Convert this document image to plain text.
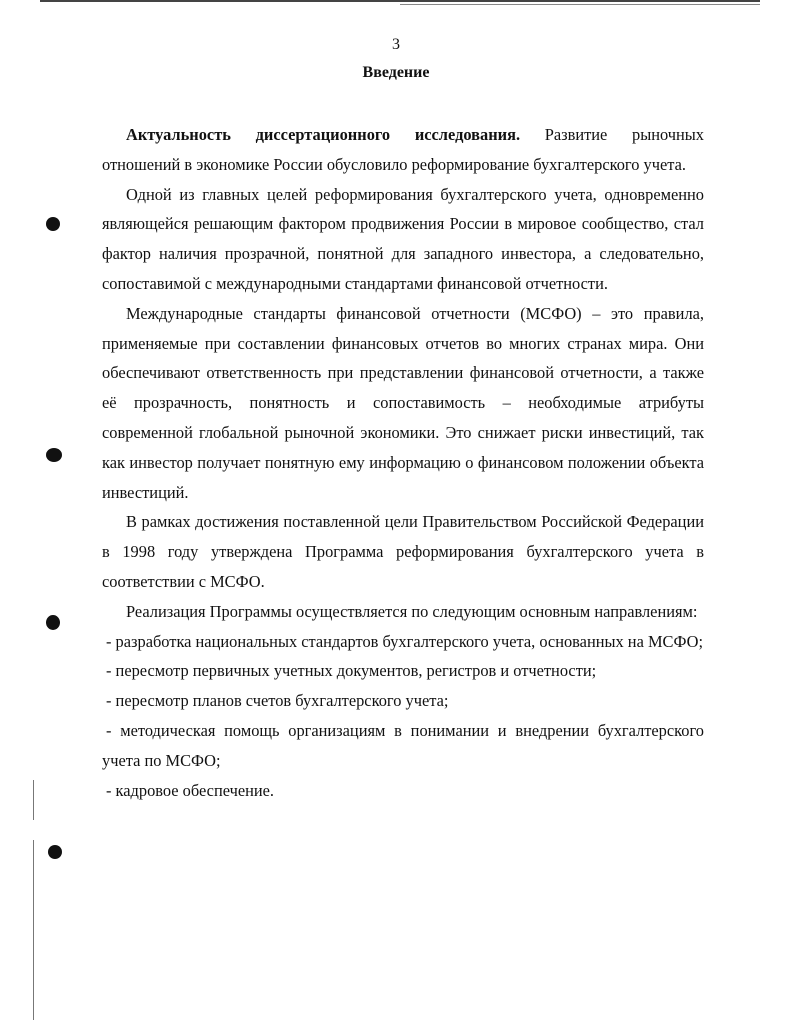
3
Введение

Актуальность диссертационного исследования. Развитие рыночных отношений в экономике России обусловило реформирование бухгалтерского учета.

Одной из главных целей реформирования бухгалтерского учета, одновременно являющейся решающим фактором продвижения России в мировое сообщество, стал фактор наличия прозрачной, понятной для западного инвестора, а следовательно, сопоставимой с международными стандартами финансовой отчетности.

Международные стандарты финансовой отчетности (МСФО) – это правила, применяемые при составлении финансовых отчетов во многих странах мира. Они обеспечивают ответственность при представлении финансовой отчетности, а также её прозрачность, понятность и сопоставимость – необходимые атрибуты современной глобальной рыночной экономики. Это снижает риски инвестиций, так как инвестор получает понятную ему информацию о финансовом положении объекта инвестиций.

В рамках достижения поставленной цели Правительством Российской Федерации в 1998 году утверждена Программа реформирования бухгалтерского учета в соответствии с МСФО.

Реализация Программы осуществляется по следующим основным направлениям:

- разработка национальных стандартов бухгалтерского учета, основанных на МСФО;

- пересмотр первичных учетных документов, регистров и отчетности;

- пересмотр планов счетов бухгалтерского учета;

- методическая помощь организациям в понимании и внедрении бухгалтерского учета по МСФО;

- кадровое обеспечение.
